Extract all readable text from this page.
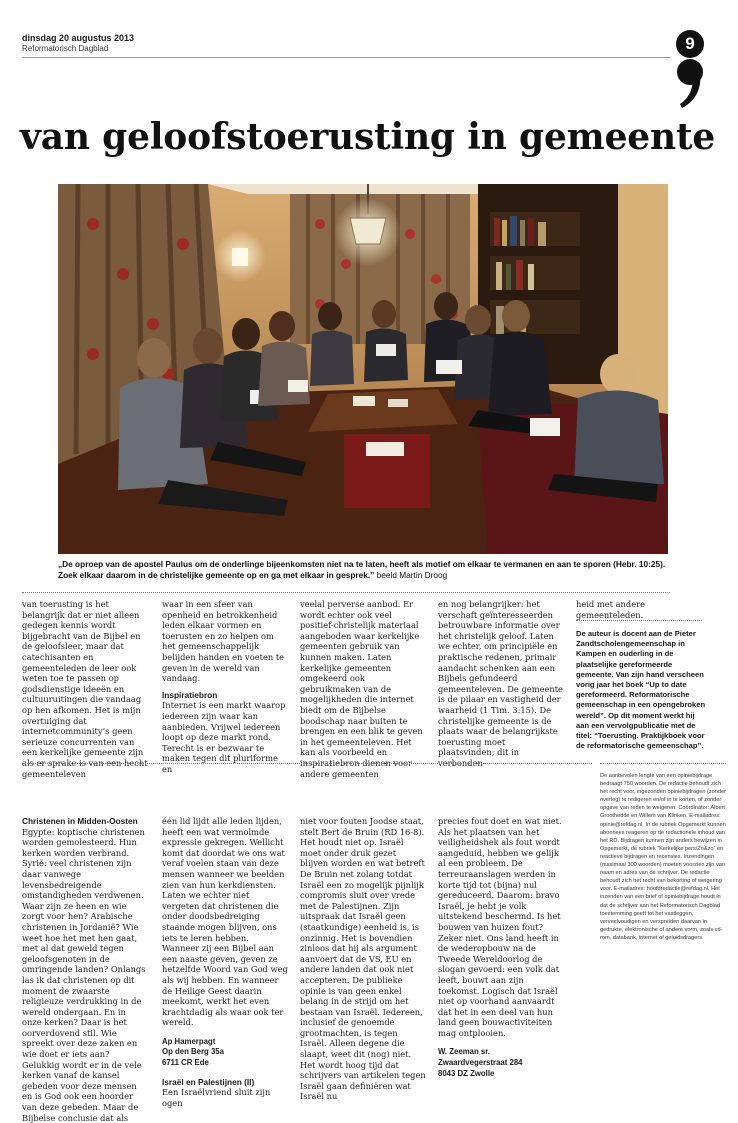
dinsdag 20 augustus 2013
Reformatorisch Dagblad	9
van geloofstoerusting in gemeente

„De oproep van de apostel Paulus om de onderlinge bijeenkomsten niet na te laten, heeft als motief om elkaar te vermanen en aan te sporen (Hebr. 10:25). Zoek elkaar daarom in de christelijke gemeente op en ga met elkaar in gesprek.” beeld Martin Droog

van toerusting is het belangrijk dat er niet alleen gedegen kennis wordt bijgebracht van de Bijbel en de geloofsleer, maar dat catechisanten en gemeenteleden de leer ook weten toe te passen op godsdienstige ideeën en cultuuruitingen die vandaag op hen afkomen. Het is mijn overtuiging dat internetcommunity’s geen serieuze concurrenten van een kerkelijke gemeente zijn als er sprake is van een hecht gemeenteleven

waar in een sfeer van openheid en betrokkenheid leden elkaar vormen en toerusten en zo helpen om het gemeenschappelijk belijden handen en voeten te geven in de wereld van vandaag.

Inspiratiebron

Internet is een markt waarop iedereen zijn waar kan aanbieden. Vrijwel iedereen loopt op deze markt rond. Terecht is er bezwaar te maken tegen dit pluriforme en

veelal perverse aanbod. Er wordt echter ook veel positief-christelijk materiaal aangeboden waar kerkelijke gemeenten gebruik van kunnen maken. Laten kerkelijke gemeenten omgekeerd ook gebruikmaken van de mogelijkheden die internet biedt om de Bijbelse boodschap naar buiten te brengen en een blik te geven in het gemeenteleven. Het kan als voorbeeld en inspiratiebron dienen voor andere gemeenten

en nog belangrijker: het verschaft geïnteresseerden betrouwbare informatie over het christelijk geloof. Laten we echter, om principiële en praktische redenen, primair aandacht schenken aan een Bijbels gefundeerd gemeenteleven. De gemeente is de pilaar en vastigheid der waarheid (1 Tim. 3:15). De christelijke gemeente is de plaats waar de belangrijkste toerusting moet plaatsvinden; dit in verbonden-

heid met andere gemeenteleden.

De auteur is docent aan de Pieter Zandtscholengemeenschap in Kampen en ouderling in de plaatselijke gereformeerde gemeente. Van zijn hand verscheen vorig jaar het boek “Up to date gereformeerd. Reformatorische gemeenschap in een opengebroken wereld”. Op dit moment werkt hij aan een vervolgpublicatie met de titel: “Toerusting. Praktijkboek voor de reformatorische gemeenschap”.

Christenen in Midden-Oosten

Egypte: koptische christenen worden gemolesteerd. Hun kerken worden verbrand. Syrië: veel christenen zijn daar vanwege levensbedreigende omstandigheden verdwenen. Waar zijn ze heen en wie zorgt voor hen? Arabische christenen in Jordanië? Wie weet hoe het met hen gaat, met al dat geweld tegen geloofsgenoten in de omringende landen? Onlangs las ik dat christenen op dit moment de zwaarste religieuze verdrukking in de wereld ondergaan. En in onze kerken? Daar is het oorverdovend stil. Wie spreekt over deze zaken en wie doet er iets aan? Gelukkig wordt er in de vele kerken vanaf de kansel gebeden voor deze mensen en is God ook een hoorder van deze gebeden. Maar de Bijbelse conclusie dat als

één lid lijdt alle leden lijden, heeft een wat vermolmde expressie gekregen. Wellicht komt dat doordat we ons wat veraf voelen staan van deze mensen wanneer we beelden zien van hun kerkdiensten. Laten we echter niet vergeten dat christenen die onder doodsbedreiging staande mogen blijven, ons iets te leren hebben. Wanneer zij een Bijbel aan een naaste geven, geven ze hetzelfde Woord van God weg als wij hebben. En wanneer de Heilige Geest daarin meekomt, werkt het even krachtdadig als waar ook ter wereld.

Ap Hamerpagt

Op den Berg 35a

6711 CR Ede

Israël en Palestijnen (II)

Een Israëlvriend sluit zijn ogen

niet voor fouten Joodse staat, stelt Bert de Bruin (RD 16-8). Het houdt niet op. Israël moet onder druk gezet blijven worden en wat betreft De Bruin net zolang totdat Israël een zo mogelijk pijnlijk compromis sluit over vrede met de Palestijnen. Zijn uitspraak dat Israël geen (staatkundige) eenheid is, is onzinnig. Het is bovendien zinloos dat hij als argument aanvoert dat de VS, EU en andere landen dat ook niet accepteren. De publieke opinie is van geen enkel belang in de strijd om het bestaan van Israël. Iedereen, inclusief de genoemde grootmachten, is tegen Israël. Alleen degene die slaapt, weet dit (nog) niet. Het wordt hoog tijd dat schrijvers van artikelen tegen Israël gaan definiëren wat Israël nu

precies fout doet en wat niet. Als het plaatsen van het veiligheidshek als fout wordt aangeduid, hebben we gelijk al een probleem. De terreuraanslagen werden in korte tijd tot (bijna) nul gereduceerd. Daarom: bravo Israël, je hebt je volk uitstekend beschermd. Is het bouwen van huizen fout? Zeker niet. Ons land heeft in de wederopbouw na de Tweede Wereldoorlog de slogan gevoerd: een volk dat leeft, bouwt aan zijn toekomst. Logisch dat Israël niet op voorhand aanvaardt dat het in een deel van hun land geen bouwactiviteiten mag ontplooien.

W. Zeeman sr.

Zwaardvegerstraat 284

8043 DZ Zwolle

De aanbevolen lengte van een opiniebijdrage bedraagt 750 woorden. De redactie behoudt zich het recht voor, ingezonden opiniebijdragen (zonder overleg) te redigeren en/of in te korten, of zonder opgave van reden te weigeren. Coördinator: Albert Groothedde en Willem van Klinken. E-mailadres: opinie@refdag.nl. In de rubriek Opgemerkt kunnen abonnees reageren op de redactionele inhoud van het RD. Bijdragen kunnen zijn anders bewijzen in Opgemerkt, de rubriek “Kerkelijke pers/Zo&zo” en reactieve bijdragen en recensies. Inzendingen (maximaal 300 woorden) moeten voorzien zijn van naam en adres van de schrijver. De redactie behoudt zich het recht van bekorting of weigering voor. E-mailadres: hoofdredactie@refdag.nl. Het inzenden van een brief of opiniebijdrage houdt in dat de schrijver aan het Reformatorisch Dagblad toestemming geeft tot het vastleggen, verveelvoudigen en verspreiden daarvan in gedrukte, elektronische of andere vorm, zoals cd-rom, databank, internet of geluidsdragers.
